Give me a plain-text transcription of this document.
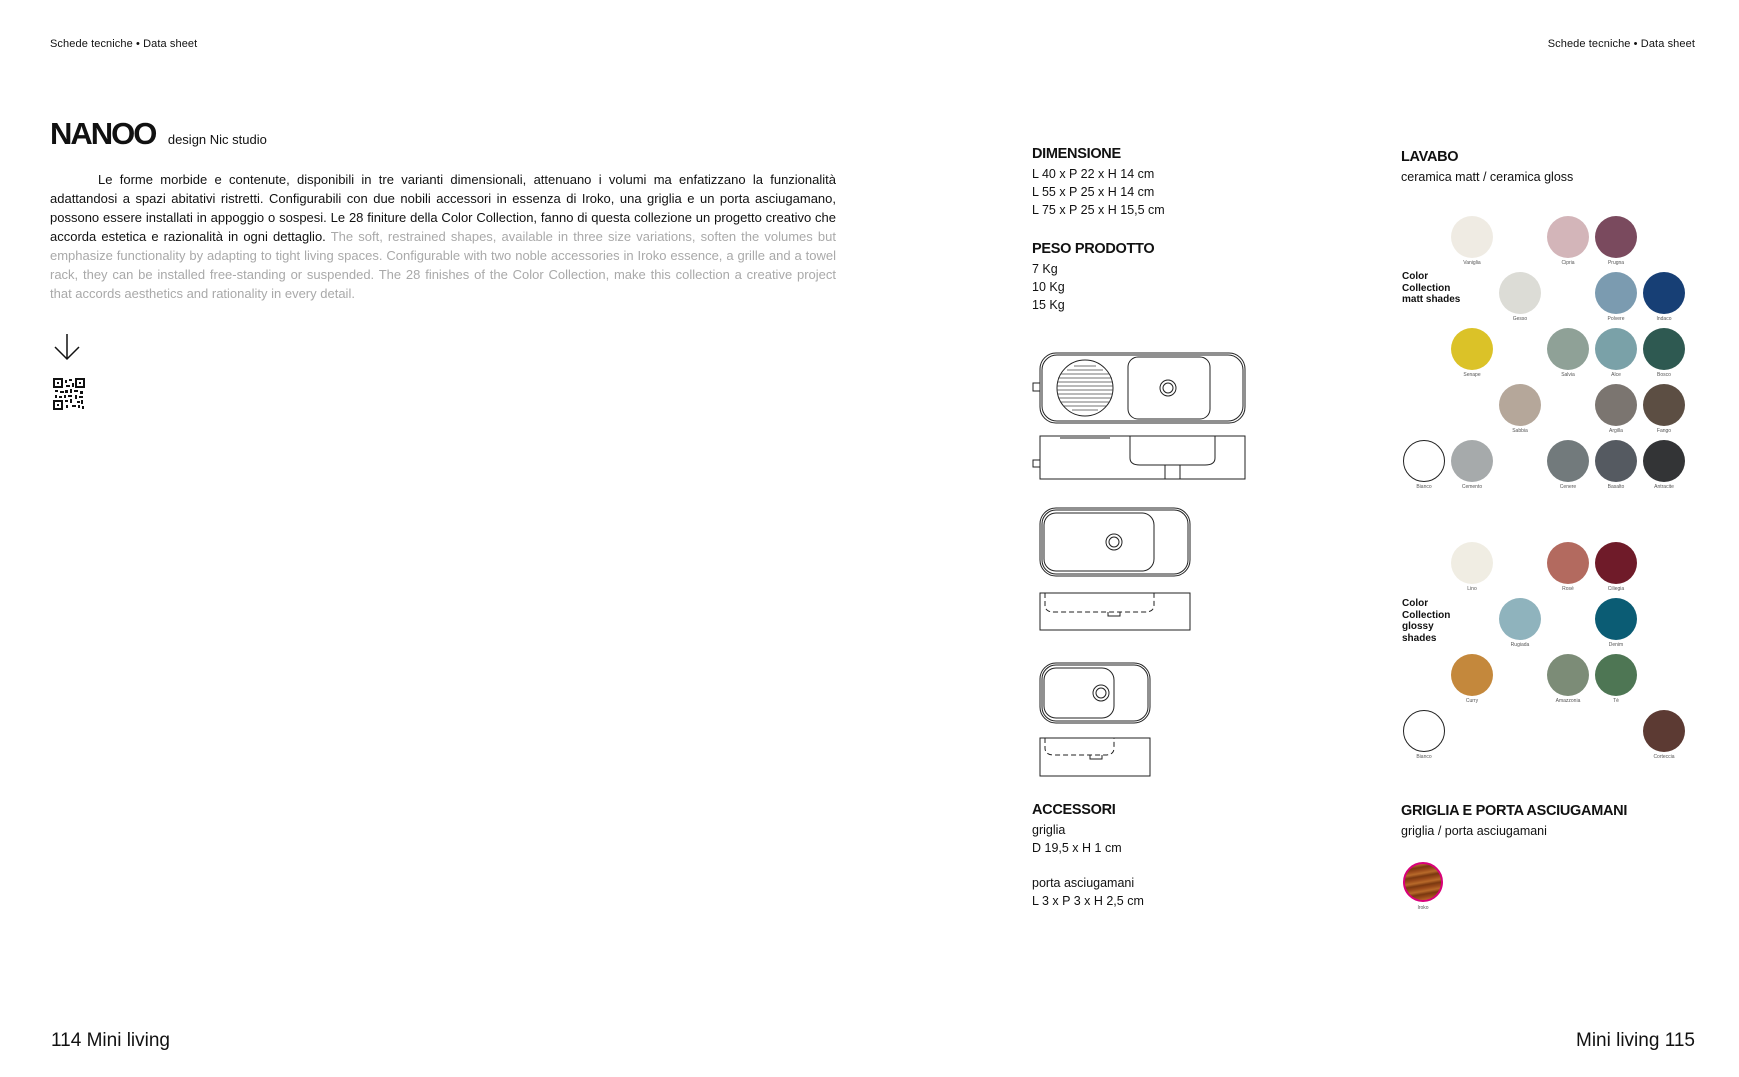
Schede tecniche • Data sheet	Schede tecniche • Data sheet
NANOO design Nic studio
Le forme morbide e contenute, disponibili in tre varianti dimensionali, attenuano i volumi ma enfatizzano la funzionalità adattandosi a spazi abitativi ristretti. Configurabili con due nobili accessori in essenza di Iroko, una griglia e un porta asciugamano, possono essere installati in appoggio o sospesi. Le 28 finiture della Color Collection, fanno di questa collezione un progetto creativo che accorda estetica e razionalità in ogni dettaglio. The soft, restrained shapes, available in three size variations, soften the volumes but emphasize functionality by adapting to tight living spaces. Configurable with two noble accessories in Iroko essence, a grille and a towel rack, they can be installed free-standing or suspended. The 28 finishes of the Color Collection, make this collection a creative project that accords aesthetics and rationality in every detail.
DIMENSIONE
L 40 x P 22 x H 14 cm
L 55 x P 25 x H 14 cm
L 75 x P 25 x H 15,5 cm
PESO PRODOTTO
7 Kg
10 Kg
15 Kg
ACCESSORI
griglia
D 19,5 x H 1 cm
porta asciugamani
L 3 x P 3 x H 2,5 cm
LAVABO
ceramica matt / ceramica gloss
Color Collection matt shades
Vaniglia	Cipria	Prugna
Gesso	Polvere	Indaco
Senape	Salvia	Alce	Bosco
Sabbia	Argilla	Fango
Bianco	Cemento	Cenere	Basalto	Antracite
Color Collection glossy shades
Lino	Rosé	Ciliegia
Rugiada	Denim
Curry	Amazzonia	Tè
Bianco	Corteccia
GRIGLIA E PORTA ASCIUGAMANI
griglia / porta asciugamani
Iroko
114 Mini living	Mini living 115
